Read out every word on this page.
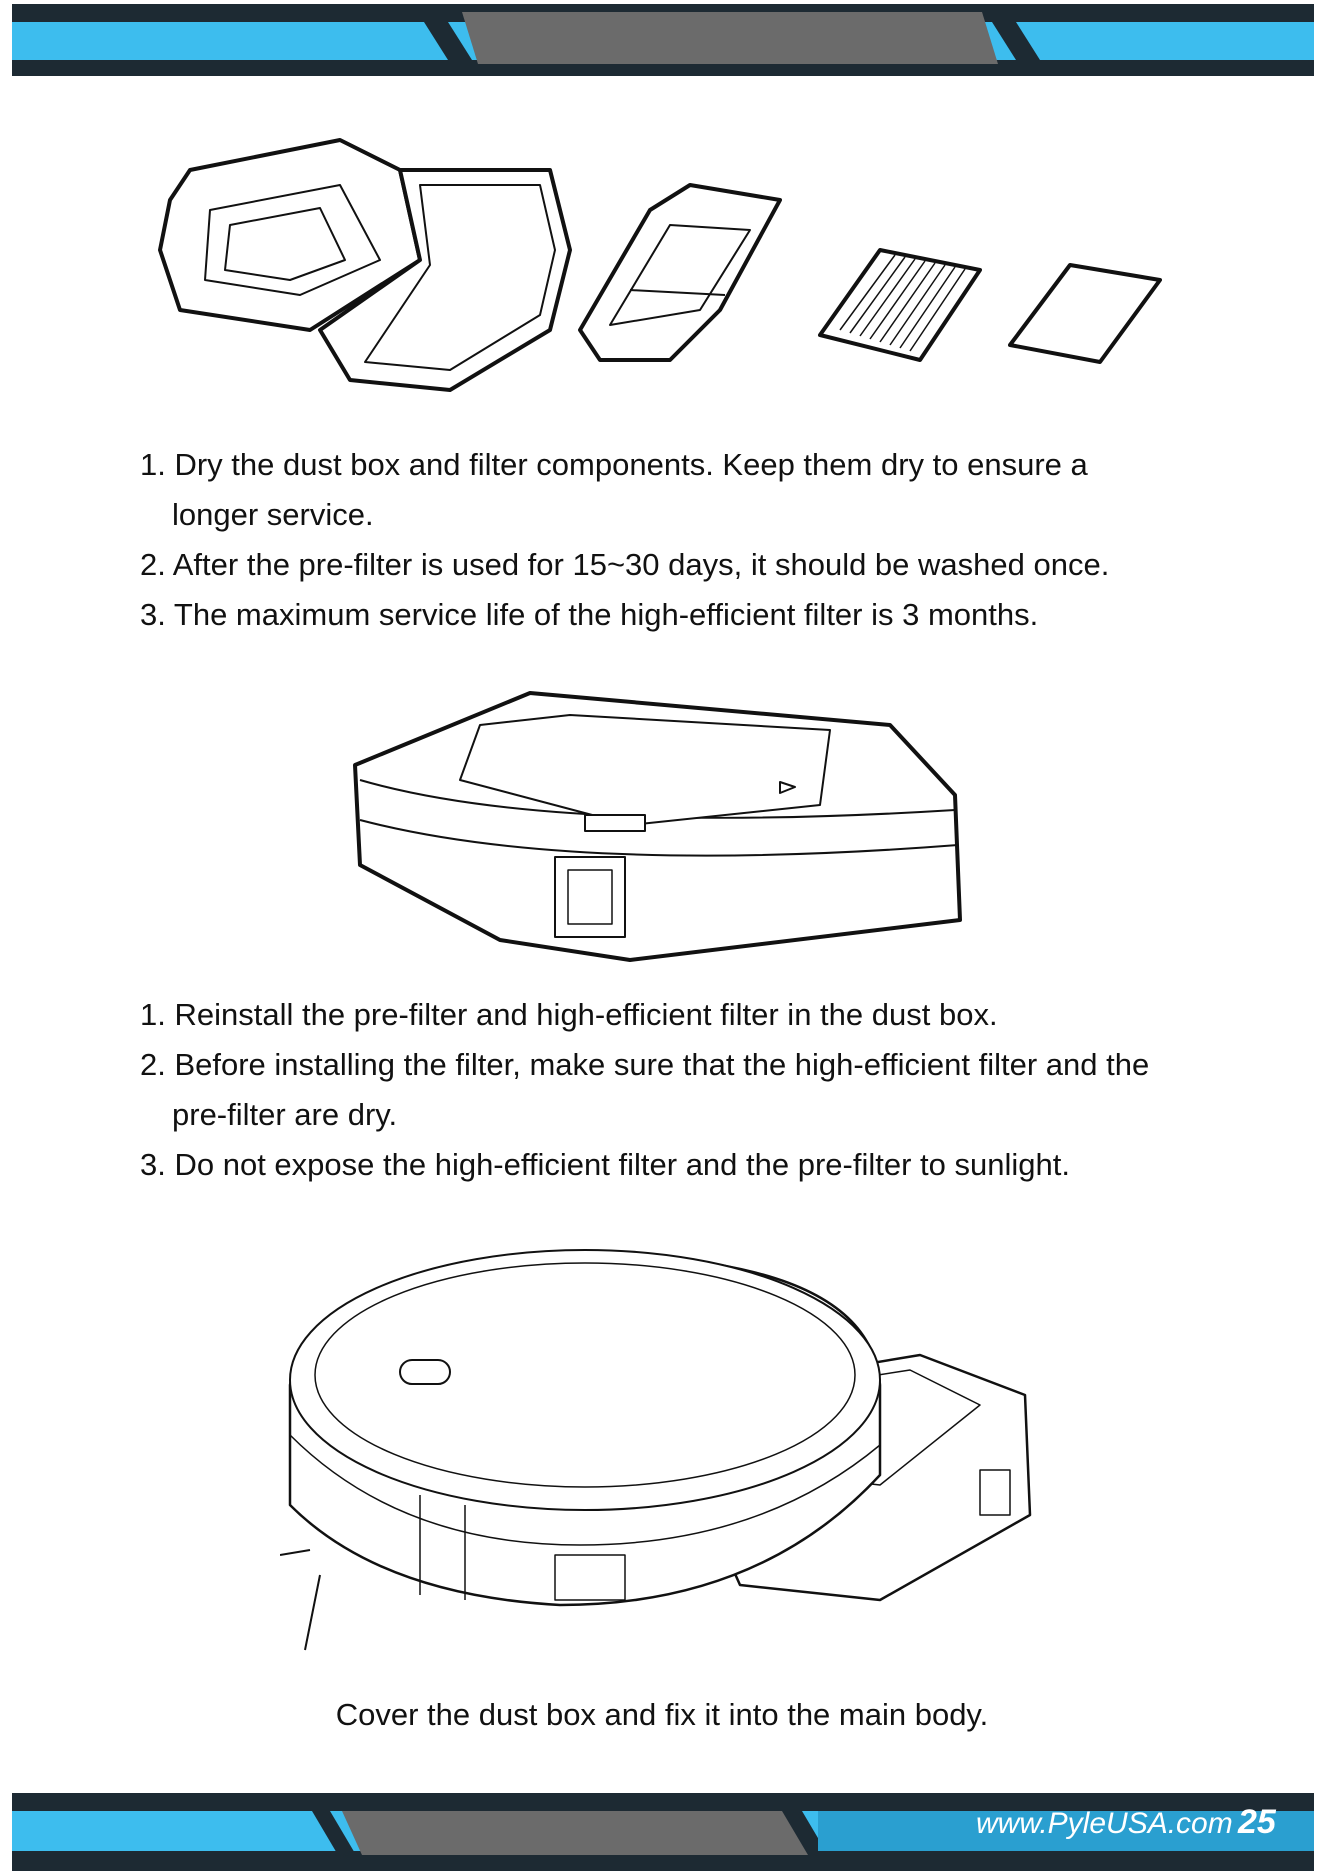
1. Dry the dust box and filter components. Keep them dry to ensure a longer service.
2. After the pre-filter is used for 15~30 days, it should be washed once.
3. The maximum service life of the high-efficient filter is 3 months.
1. Reinstall the pre-filter and high-efficient filter in the dust box.
2. Before installing the filter, make sure that the high-efficient filter and the pre-filter are dry.
3. Do not expose the high-efficient filter and the pre-filter to sunlight.
Cover the dust box and fix it into the main body.
www.PyleUSA.com 25
